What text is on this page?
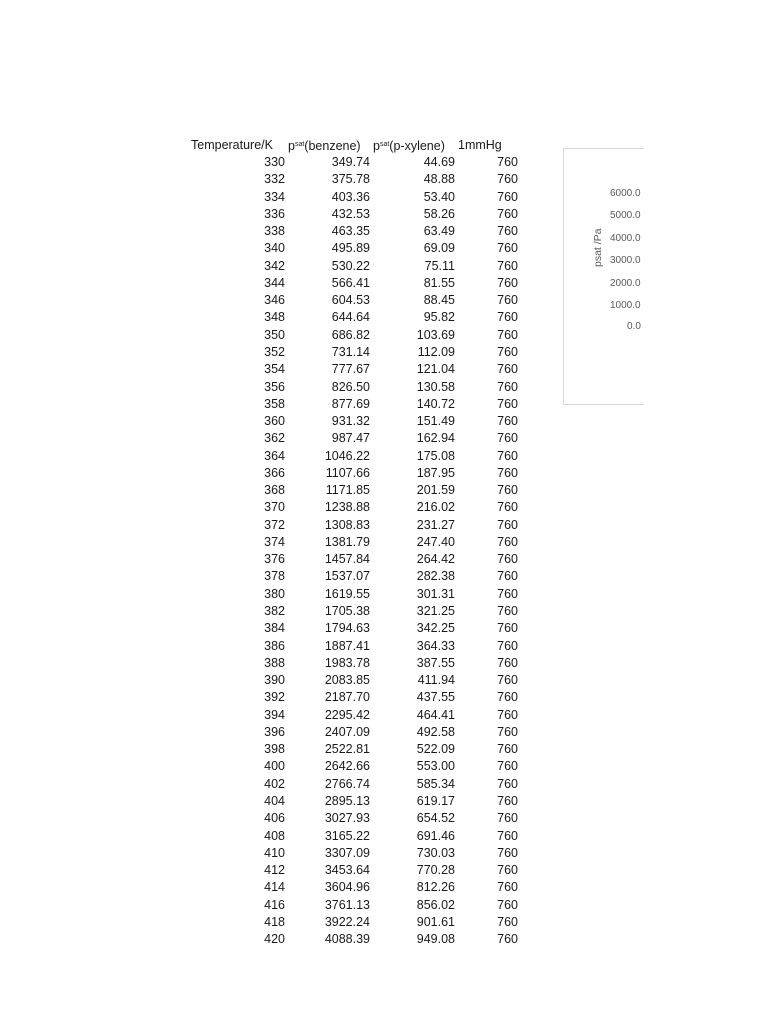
Temperature/K $p^{sat}(benzene)$ $p^{sat}(p-xylene)$ 1mmHg
330	349.74	44.69	760
332	375.78	48.88	760
334	403.36	53.40	760
336	432.53	58.26	760
338	463.35	63.49	760
340	495.89	69.09	760
342	530.22	75.11	760
344	566.41	81.55	760
346	604.53	88.45	760
348	644.64	95.82	760
350	686.82	103.69	760
352	731.14	112.09	760
354	777.67	121.04	760
356	826.50	130.58	760
358	877.69	140.72	760
360	931.32	151.49	760
362	987.47	162.94	760
364	1046.22	175.08	760
366	1107.66	187.95	760
368	1171.85	201.59	760
370	1238.88	216.02	760
372	1308.83	231.27	760
374	1381.79	247.40	760
376	1457.84	264.42	760
378	1537.07	282.38	760
380	1619.55	301.31	760
382	1705.38	321.25	760
384	1794.63	342.25	760
386	1887.41	364.33	760
388	1983.78	387.55	760
390	2083.85	411.94	760
392	2187.70	437.55	760
394	2295.42	464.41	760
396	2407.09	492.58	760
398	2522.81	522.09	760
400	2642.66	553.00	760
402	2766.74	585.34	760
404	2895.13	619.17	760
406	3027.93	654.52	760
408	3165.22	691.46	760
410	3307.09	730.03	760
412	3453.64	770.28	760
414	3604.96	812.26	760
416	3761.13	856.02	760
418	3922.24	901.61	760
420	4088.39	949.08	760
psat /Pa
6000.0
5000.0
4000.0
3000.0
2000.0
1000.0
0.0
